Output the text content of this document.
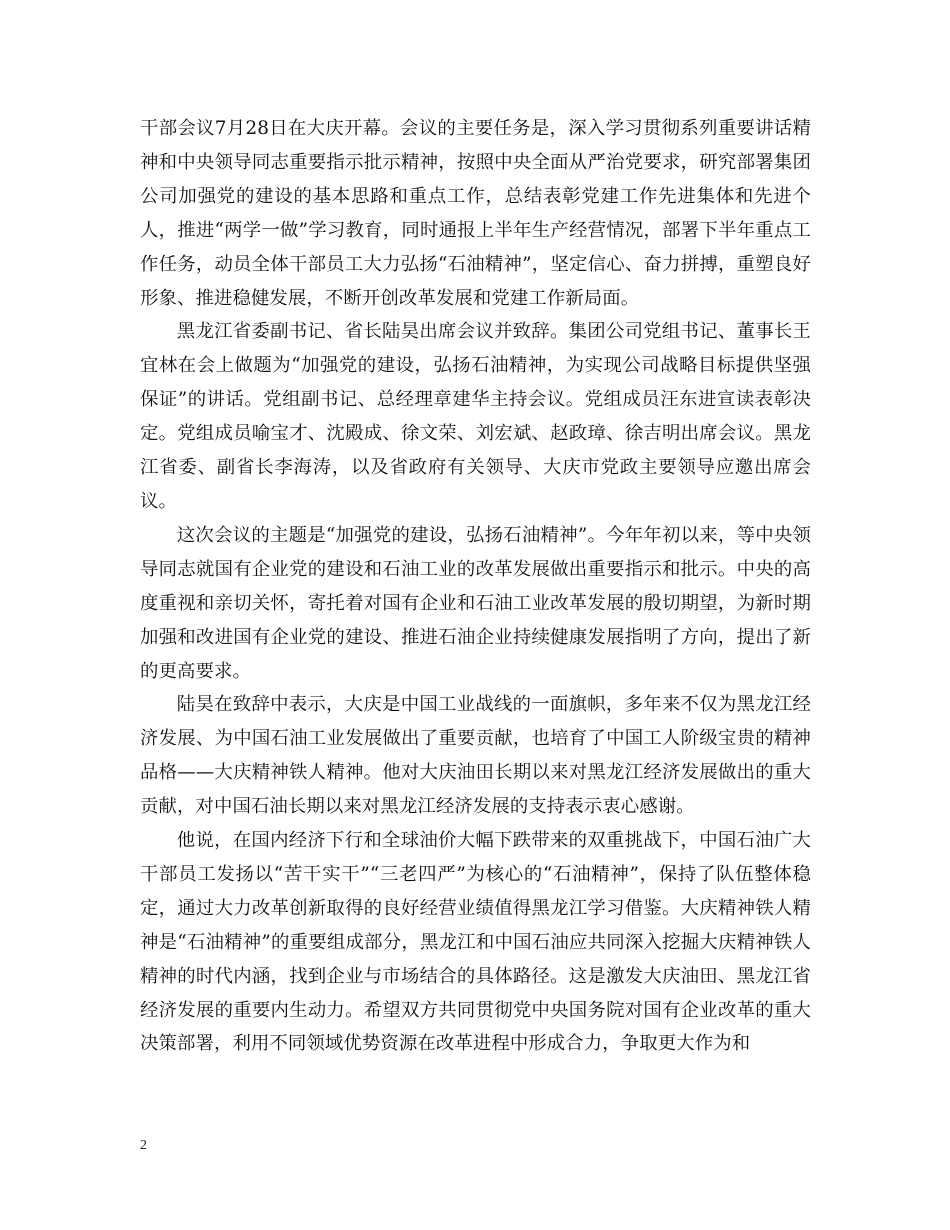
干部会议7月28日在大庆开幕。会议的主要任务是，深入学习贯彻系列重要讲话精神和中央领导同志重要指示批示精神，按照中央全面从严治党要求，研究部署集团公司加强党的建设的基本思路和重点工作，总结表彰党建工作先进集体和先进个人，推进“两学一做”学习教育，同时通报上半年生产经营情况，部署下半年重点工作任务，动员全体干部员工大力弘扬“石油精神”，坚定信心、奋力拼搏，重塑良好形象、推进稳健发展，不断开创改革发展和党建工作新局面。

黑龙江省委副书记、省长陆昊出席会议并致辞。集团公司党组书记、董事长王宜林在会上做题为“加强党的建设，弘扬石油精神，为实现公司战略目标提供坚强保证”的讲话。党组副书记、总经理章建华主持会议。党组成员汪东进宣读表彰决定。党组成员喻宝才、沈殿成、徐文荣、刘宏斌、赵政璋、徐吉明出席会议。黑龙江省委、副省长李海涛，以及省政府有关领导、大庆市党政主要领导应邀出席会议。

这次会议的主题是“加强党的建设，弘扬石油精神”。今年年初以来，等中央领导同志就国有企业党的建设和石油工业的改革发展做出重要指示和批示。中央的高度重视和亲切关怀，寄托着对国有企业和石油工业改革发展的殷切期望，为新时期加强和改进国有企业党的建设、推进石油企业持续健康发展指明了方向，提出了新的更高要求。

陆昊在致辞中表示，大庆是中国工业战线的一面旗帜，多年来不仅为黑龙江经济发展、为中国石油工业发展做出了重要贡献，也培育了中国工人阶级宝贵的精神品格——大庆精神铁人精神。他对大庆油田长期以来对黑龙江经济发展做出的重大贡献，对中国石油长期以来对黑龙江经济发展的支持表示衷心感谢。

他说，在国内经济下行和全球油价大幅下跌带来的双重挑战下，中国石油广大干部员工发扬以“苦干实干”“三老四严”为核心的“石油精神”，保持了队伍整体稳定，通过大力改革创新取得的良好经营业绩值得黑龙江学习借鉴。大庆精神铁人精神是“石油精神”的重要组成部分，黑龙江和中国石油应共同深入挖掘大庆精神铁人精神的时代内涵，找到企业与市场结合的具体路径。这是激发大庆油田、黑龙江省经济发展的重要内生动力。希望双方共同贯彻党中央国务院对国有企业改革的重大决策部署，利用不同领域优势资源在改革进程中形成合力，争取更大作为和

2
